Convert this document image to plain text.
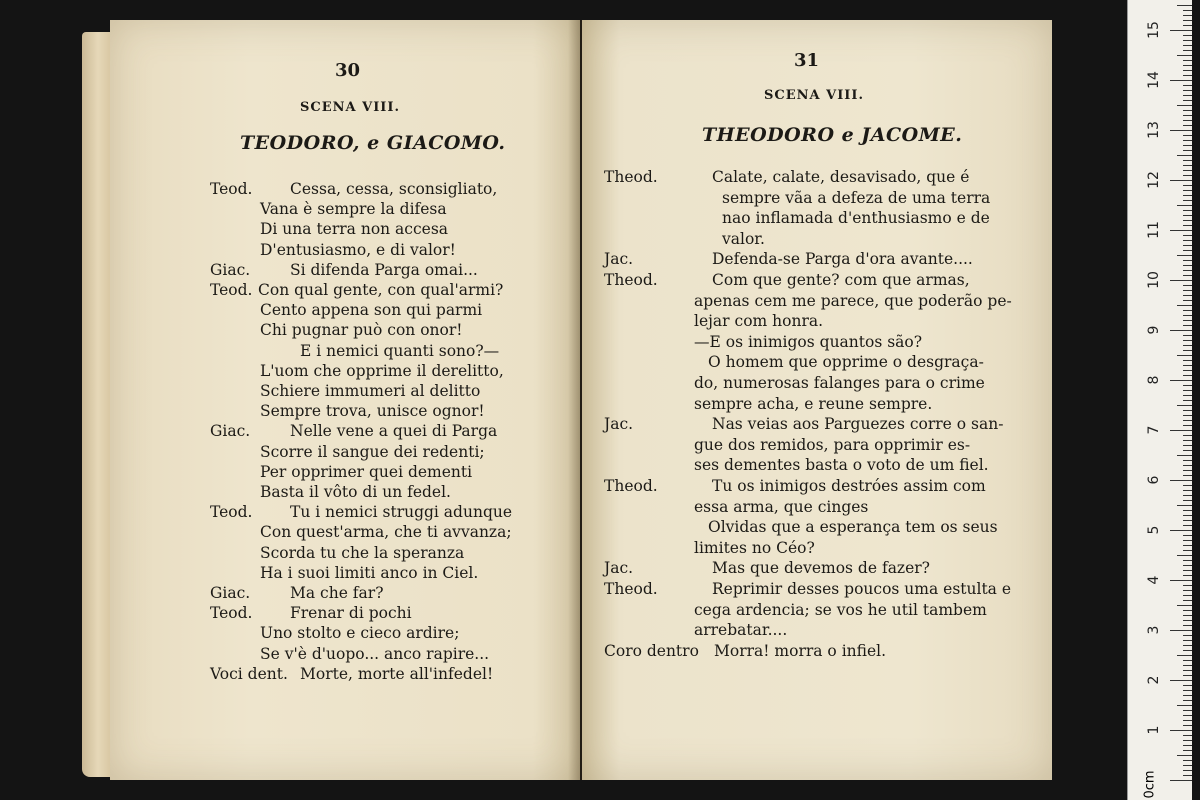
30
SCENA VIII.
TEODORO, e GIACOMO.
Teod. Cessa, cessa, sconsigliato,
Vana è sempre la difesa
Di una terra non accesa
D'entusiasmo, e di valor!
Giac.	Si difenda Parga omai...
Teod. Con qual gente, con qual'armi?
Cento appena son qui parmi
Chi pugnar può con onor!
E i nemici quanti sono?—
L'uom che opprime il derelitto,
Schiere immumeri al delitto
Sempre trova, unisce ognor!
Giac.	Nelle vene a quei di Parga
Scorre il sangue dei redenti;
Per opprimer quei dementi
Basta il vôto di un fedel.
Teod. Tu i nemici struggi adunque
Con quest'arma, che ti avvanza;
Scorda tu che la speranza
Ha i suoi limiti anco in Ciel.
Giac.	Ma che far?
Teod. Frenar di pochi
Uno stolto e cieco ardire;
Se v'è d'uopo... anco rapire...
Voci dent. Morte, morte all'infedel!
31
SCENA VIII.
THEODORO e JACOME.
Theod.	Calate, calate, desavisado, que é
sempre vãa a defeza de uma terra
nao inflamada d'enthusiasmo e de
valor.
Jac.	Defenda-se Parga d'ora avante....
Theod.	Com que gente? com que armas,
apenas cem me parece, que poderão pe-
lejar com honra.
—E os inimigos quantos são?
O homem que opprime o desgraça-
do, numerosas falanges para o crime
sempre acha, e reune sempre.
Jac.	Nas veias aos Parguezes corre o san-
gue dos remidos, para opprimir es-
ses dementes basta o voto de um fiel.
Theod.	Tu os inimigos destróes assim com
essa arma, que cinges
Olvidas que a esperança tem os seus
limites no Céo?
Jac.	Mas que devemos de fazer?
Theod.	Reprimir desses poucos uma estulta e
cega ardencia; se vos he util tambem
arrebatar....
Coro dentro Morra! morra o infiel.
1
2
3
4
5
6
7
8
9
10
11
12
13
14
15
0cm
